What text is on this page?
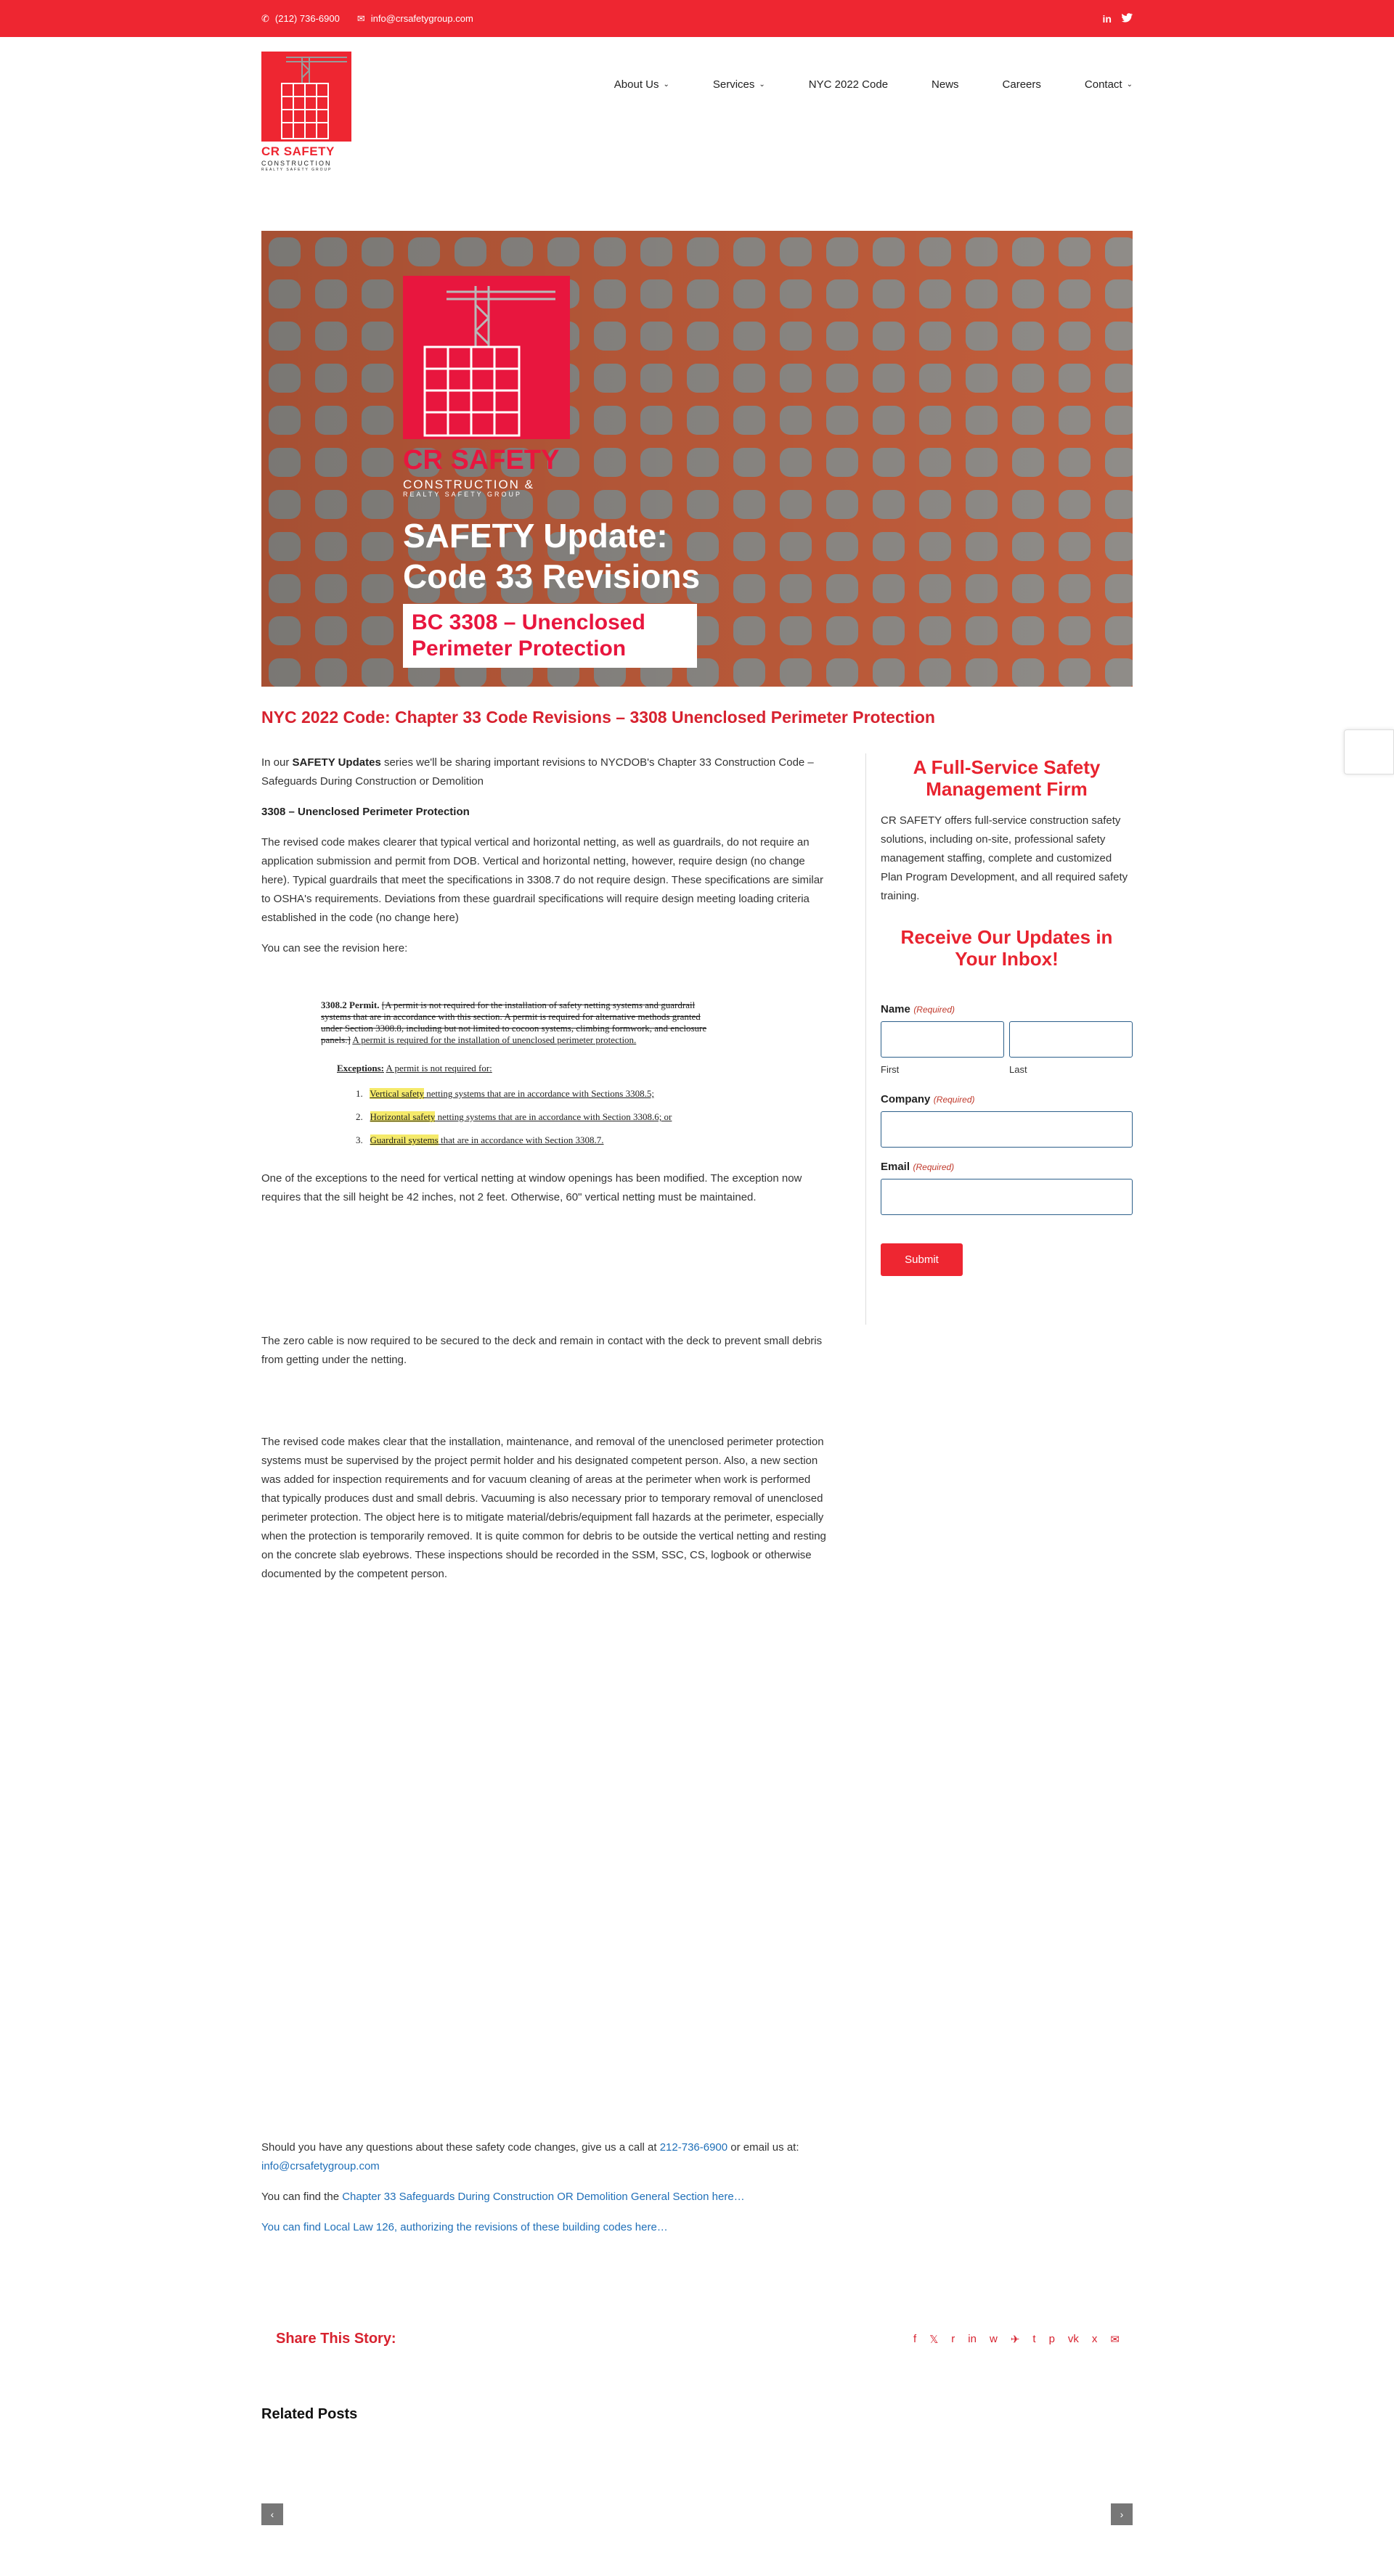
✆ (212) 736-6900 ✉ info@crsafetygroup.com	in
CR SAFETY
CONSTRUCTION
REALTY SAFETY GROUP
About Us ⌄	Services ⌄	NYC 2022 Code	News	Careers	Contact ⌄
CR SAFETY
CONSTRUCTION &
REALTY SAFETY GROUP
SAFETY Update:
Code 33 Revisions
BC 3308 – Unenclosed
Perimeter Protection
NYC 2022 Code: Chapter 33 Code Revisions – 3308 Unenclosed Perimeter Protection

In our SAFETY Updates series we'll be sharing important revisions to NYCDOB's Chapter 33 Construction Code – Safeguards During Construction or Demolition

3308 – Unenclosed Perimeter Protection

The revised code makes clearer that typical vertical and horizontal netting, as well as guardrails, do not require an application submission and permit from DOB. Vertical and horizontal netting, however, require design (no change here). Typical guardrails that meet the specifications in 3308.7 do not require design. These specifications are similar to OSHA's requirements. Deviations from these guardrail specifications will require design meeting loading criteria established in the code (no change here)

You can see the revision here:

3308.2 Permit. [A permit is not required for the installation of safety netting systems and guardrail
systems that are in accordance with this section. A permit is required for alternative methods granted
under Section 3308.8, including but not limited to cocoon systems, climbing formwork, and enclosure
panels.] A permit is required for the installation of unenclosed perimeter protection.
Exceptions: A permit is not required for:
1. Vertical safety netting systems that are in accordance with Sections 3308.5;
2. Horizontal safety netting systems that are in accordance with Section 3308.6; or
3. Guardrail systems that are in accordance with Section 3308.7.

One of the exceptions to the need for vertical netting at window openings has been modified. The exception now requires that the sill height be 42 inches, not 2 feet. Otherwise, 60" vertical netting must be maintained.

The zero cable is now required to be secured to the deck and remain in contact with the deck to prevent small debris from getting under the netting.

The revised code makes clear that the installation, maintenance, and removal of the unenclosed perimeter protection systems must be supervised by the project permit holder and his designated competent person. Also, a new section was added for inspection requirements and for vacuum cleaning of areas at the perimeter when work is performed that typically produces dust and small debris. Vacuuming is also necessary prior to temporary removal of unenclosed perimeter protection. The object here is to mitigate material/debris/equipment fall hazards at the perimeter, especially when the protection is temporarily removed. It is quite common for debris to be outside the vertical netting and resting on the concrete slab eyebrows. These inspections should be recorded in the SSM, SSC, CS, logbook or otherwise documented by the competent person.

Should you have any questions about these safety code changes, give us a call at 212-736-6900 or email us at: info@crsafetygroup.com

You can find the Chapter 33 Safeguards During Construction OR Demolition General Section here…

You can find Local Law 126, authorizing the revisions of these building codes here…

A Full-Service Safety Management Firm
CR SAFETY offers full-service construction safety solutions, including on-site, professional safety management staffing, complete and customized Plan Program Development, and all required safety training.
Receive Our Updates in Your Inbox!
Name (Required)
First	Last
Company (Required)
Email (Required)
Submit
Share This Story:	f 𝕏 r in w ✈ t p vk x ✉
Related Posts
‹	›
